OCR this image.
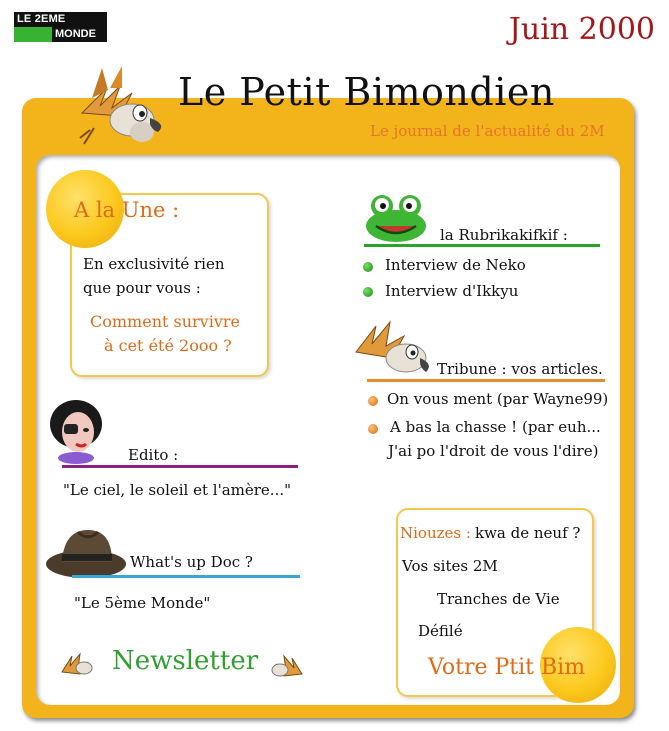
LE 2EME
MONDE	Juin 2000
Le Petit Bimondien
Le journal de l'actualité du 2M
A la Une :
En exclusivité rien
que pour vous :
Comment survivre
à cet été 2ooo ?
Edito :
"Le ciel, le soleil et l'amère..."
What's up Doc ?
"Le 5ème Monde"
Newsletter
la Rubrikakifkif :
Interview de Neko
Interview d'Ikkyu
Tribune : vos articles.
On vous ment (par Wayne99)
A bas la chasse ! (par euh...
J'ai po l'droit de vous l'dire)
Niouzes : kwa de neuf ?
Vos sites 2M
Tranches de Vie
Défilé
Votre Ptit Bim
